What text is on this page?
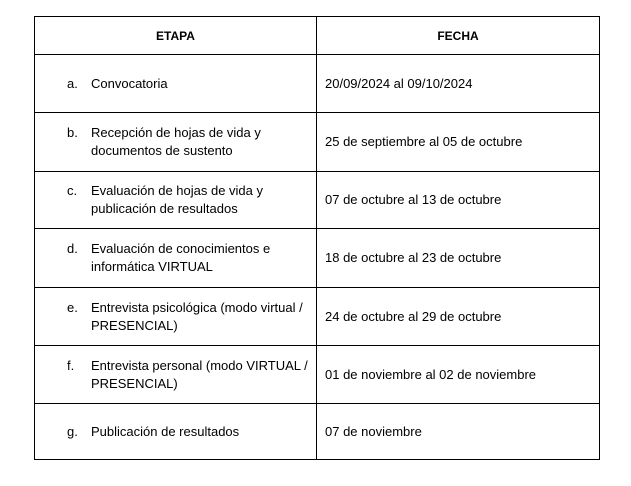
ETAPA	FECHA

a. Convocatoria	20/09/2024 al 09/10/2024

b. Recepción de hojas de vida y documentos de sustento	25 de septiembre al 05 de octubre

c. Evaluación de hojas de vida y publicación de resultados	07 de octubre al 13 de octubre

d. Evaluación de conocimientos e informática VIRTUAL	18 de octubre al 23 de octubre

e. Entrevista psicológica (modo virtual / PRESENCIAL)	24 de octubre al 29 de octubre

f. Entrevista personal (modo VIRTUAL / PRESENCIAL)	01 de noviembre al 02 de noviembre

g. Publicación de resultados	07 de noviembre
